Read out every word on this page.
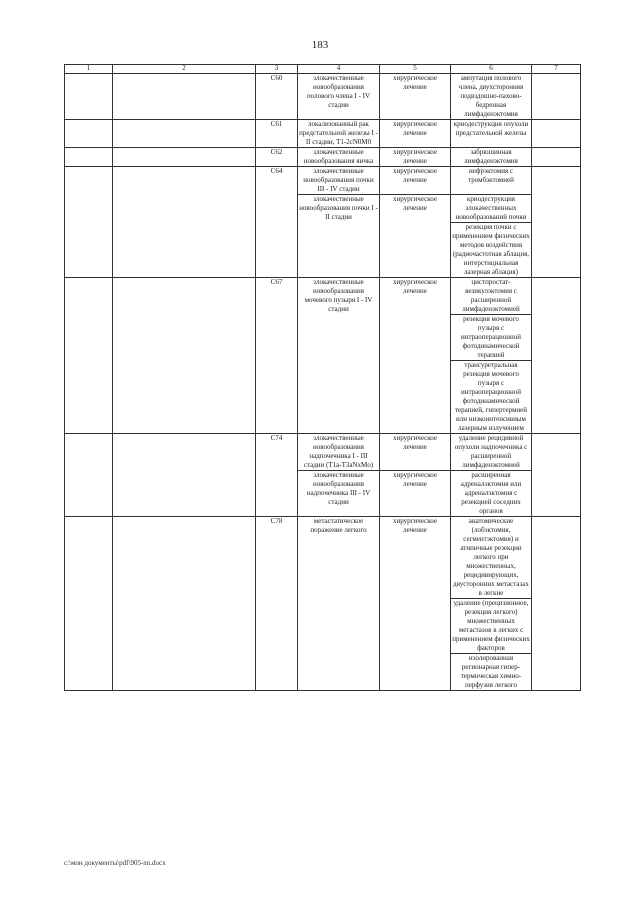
183
1	2	3	4	5	6	7
		C60	злокачественные новообразования полового члена I - IV стадии	хирургическое лечение	ампутация полового члена, двухсторонняя подвздошно-пахово-бедренная лимфаденэктомия	
		C61	локализованный рак предстательной железы I - II стадии, T1-2cN0M0	хирургическое лечение	криодеструкция опухоли предстательной железы	
		C62	злокачественные новообразования яичка	хирургическое лечение	забрюшинная лимфаденэктомия	
		C64	злокачественные новообразования почки III - IV стадии	хирургическое лечение	нефрэктомия с тромбэктомией	
			злокачественные новообразования почки I - II стадии	хирургическое лечение	криодеструкция злокачественных новообразований почки	
					резекция почки с применением физических методов воздействия (радиочастотная аблация, интерстициальная лазерная аблация)	
		C67	злокачественные новообразования мочевого пузыря I - IV стадии	хирургическое лечение	цистпростат-везикулэктомия с расширенной лимфаденэктомией	
					резекция мочевого пузыря с интраоперационной фотодинамической терапией	
					трансуретральная резекция мочевого пузыря с интраоперационной фотодинамической терапией, гипертермией или низкоинтенсивным лазерным излучением	
		C74	злокачественные новообразования надпочечника I - III стадии (T1a-T3aNxMo)	хирургическое лечение	удаление рецидивной опухоли надпочечника с расширенной лимфаденэктомией	
			злокачественные новообразования надпочечника III - IV стадии	хирургическое лечение	расширенная адреналэктомия или адреналэктомия с резекцией соседних органов	
		C78	метастатическое поражение легкого	хирургическое лечение	анатомические (лобэктомия, сегментэктомия) и атипичные резекции легкого при множественных, рецидивирующих, двусторонних метастазах в легкие	
					удаление (прецизионное, резекция легкого) множественных метастазов в легких с применением физических факторов	
					изолированная регионарная гипер-термическая химио-перфузия легкого	
c:\мои документы\pdf\905-nn.docx
